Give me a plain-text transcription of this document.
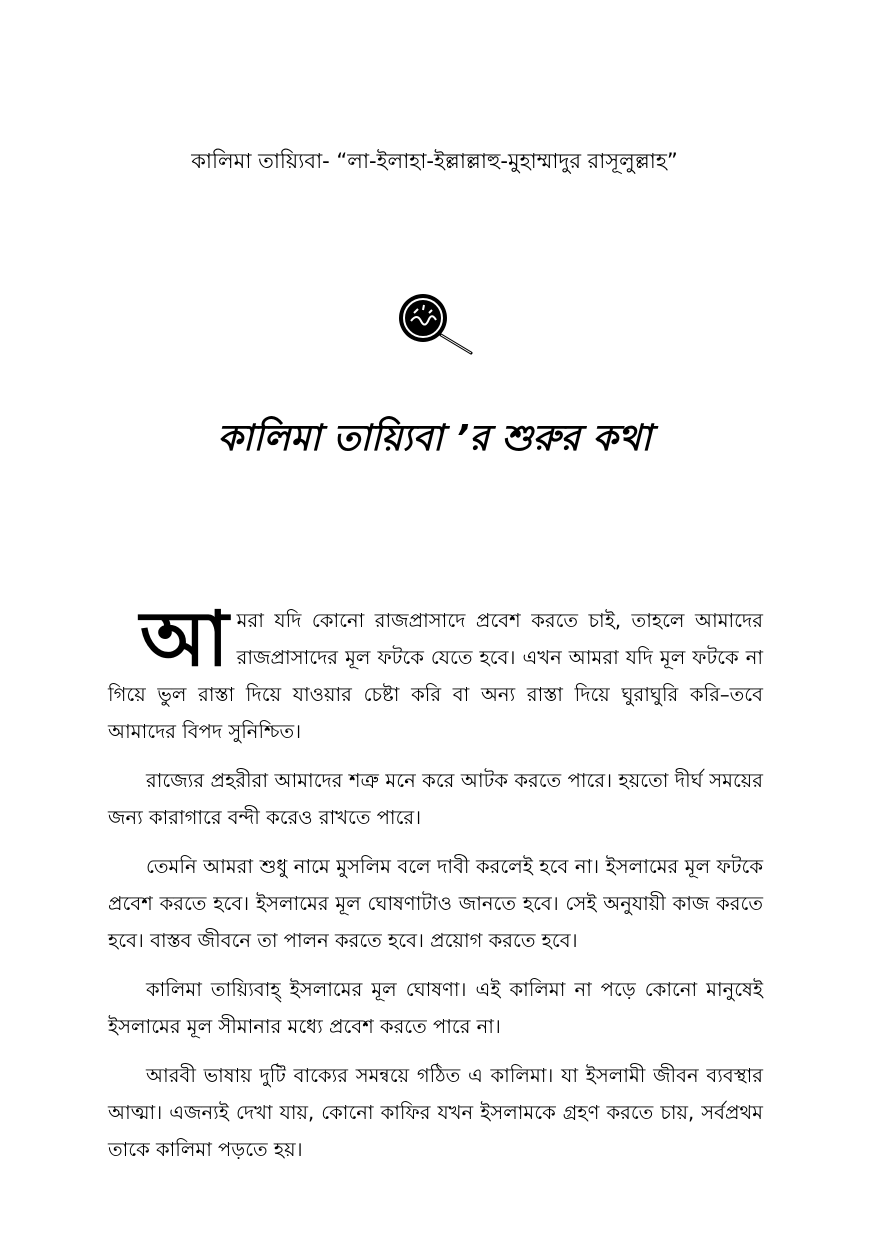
কালিমা তায়্যিবা- “লা-ইলাহা-ইল্লাল্লাহু-মুহাম্মাদুর রাসূলুল্লাহ”
কালিমা তায়্যিবা ’র শুরুর কথা

আ মরা যদি কোনো রাজপ্রাসাদে প্রবেশ করতে চাই, তাহলে আমাদের রাজপ্রাসাদের মূল ফটকে যেতে হবে। এখন আমরা যদি মূল ফটকে না গিয়ে ভুল রাস্তা দিয়ে যাওয়ার চেষ্টা করি বা অন্য রাস্তা দিয়ে ঘুরাঘুরি করি–তবে আমাদের বিপদ সুনিশ্চিত।

রাজ্যের প্রহরীরা আমাদের শত্রু মনে করে আটক করতে পারে। হয়তো দীর্ঘ সময়ের জন্য কারাগারে বন্দী করেও রাখতে পারে।

তেমনি আমরা শুধু নামে মুসলিম বলে দাবী করলেই হবে না। ইসলামের মূল ফটকে প্রবেশ করতে হবে। ইসলামের মূল ঘোষণাটাও জানতে হবে। সেই অনুযায়ী কাজ করতে হবে। বাস্তব জীবনে তা পালন করতে হবে। প্রয়োগ করতে হবে।

কালিমা তায়্যিবাহ্ ইসলামের মূল ঘোষণা। এই কালিমা না পড়ে কোনো মানুষেই ইসলামের মূল সীমানার মধ্যে প্রবেশ করতে পারে না।

আরবী ভাষায় দুটি বাক্যের সমন্বয়ে গঠিত এ কালিমা। যা ইসলামী জীবন ব্যবস্থার আত্মা। এজন্যই দেখা যায়, কোনো কাফির যখন ইসলামকে গ্রহণ করতে চায়, সর্বপ্রথম তাকে কালিমা পড়তে হয়।
